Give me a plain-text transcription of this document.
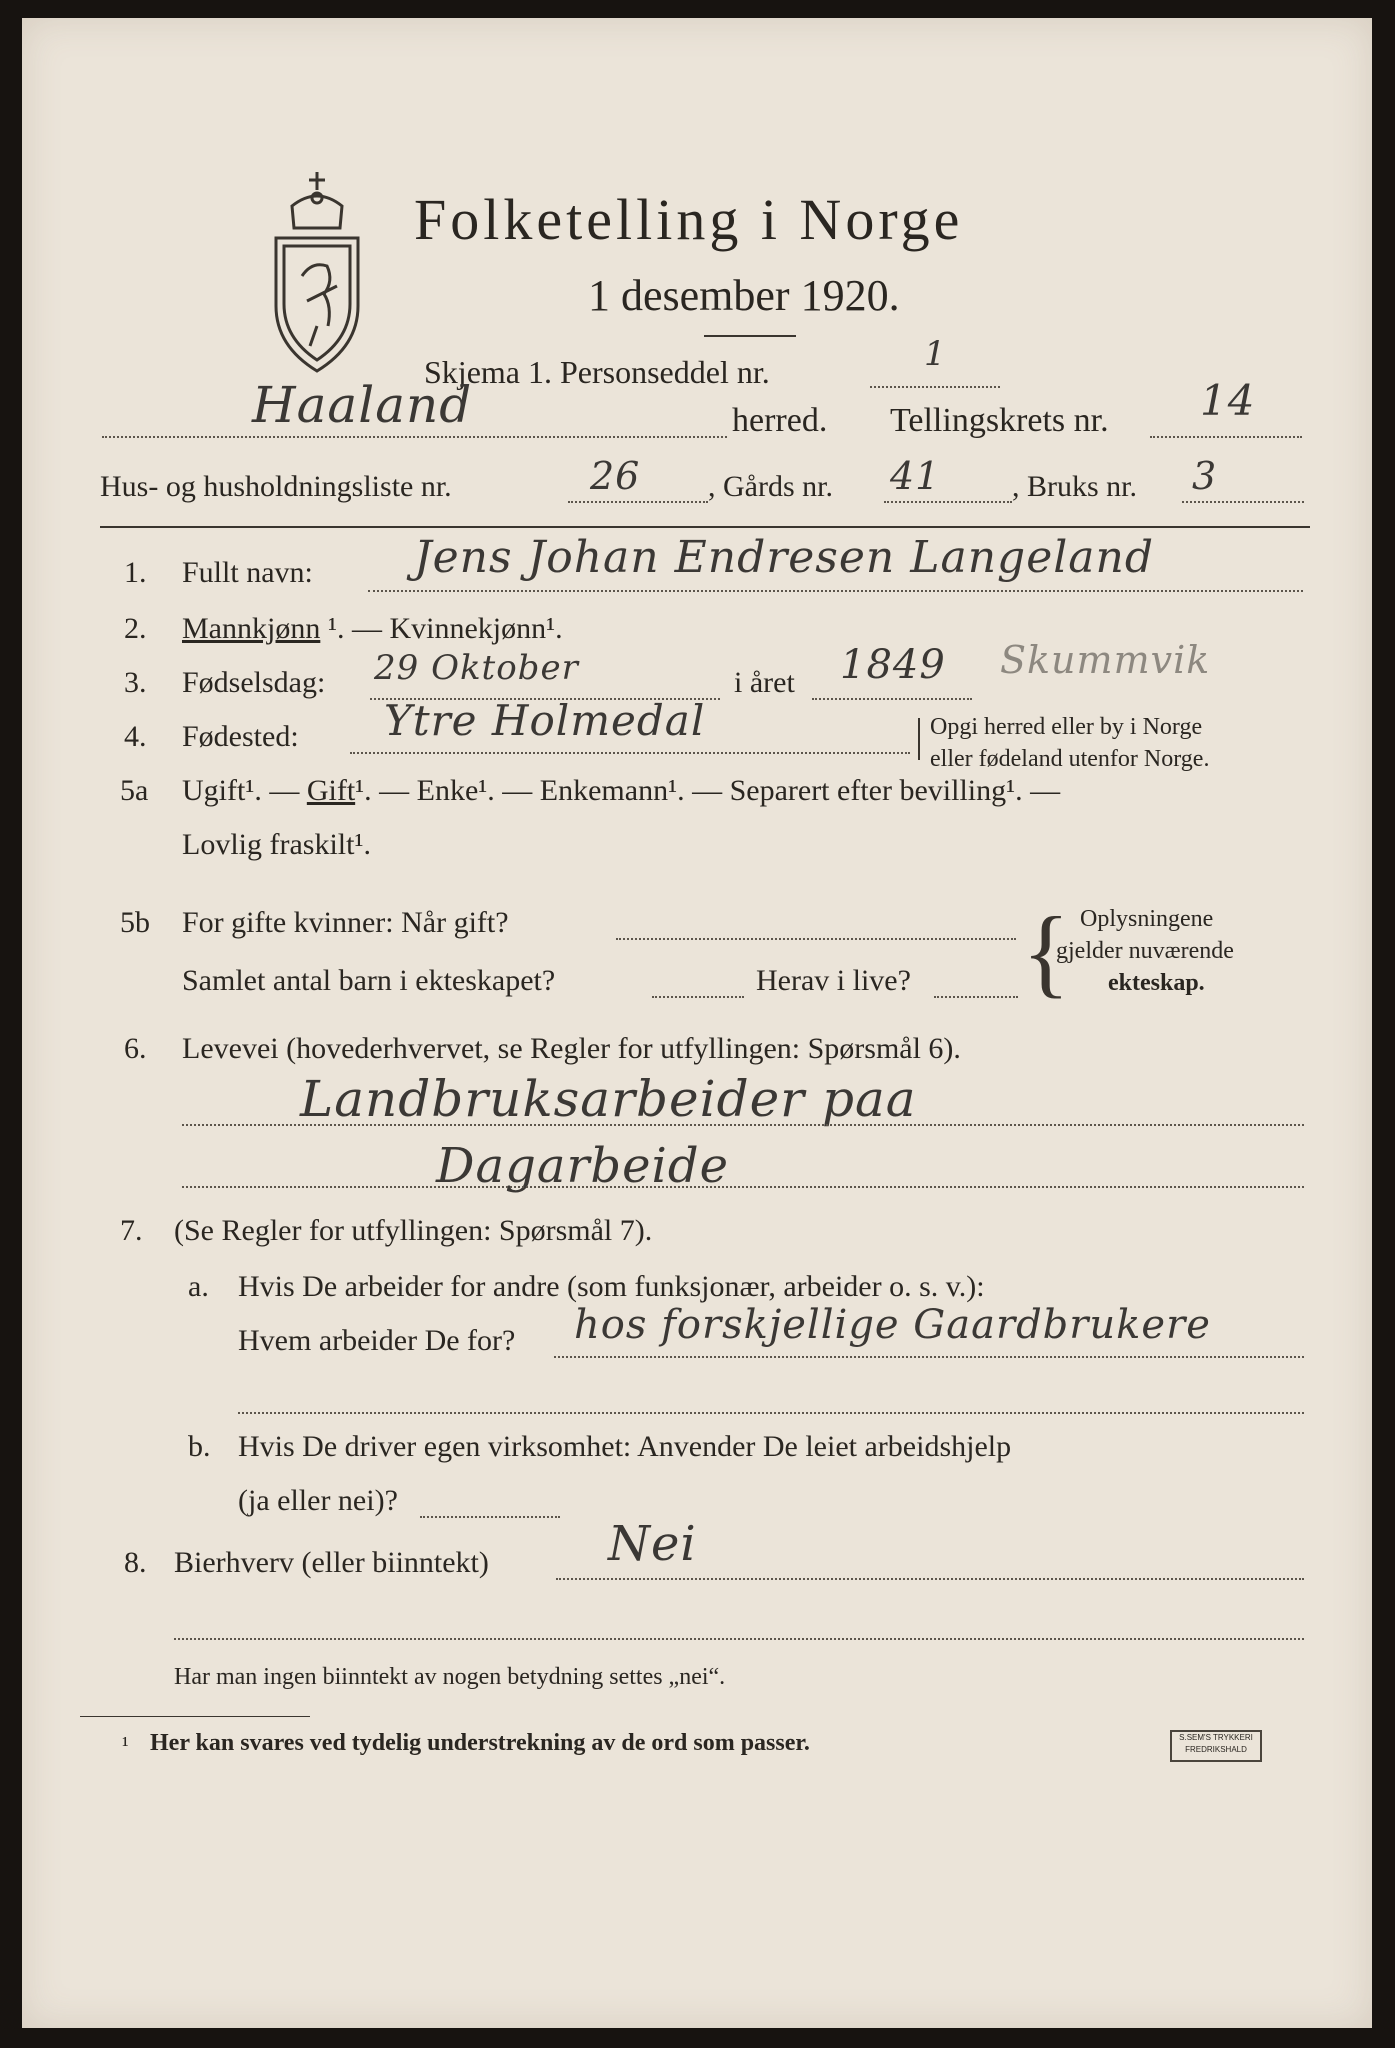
Folketelling i Norge
1 desember 1920.
Skjema 1. Personseddel nr.	1
Haaland	herred. Tellingskrets nr. 14
Hus- og husholdningsliste nr.	26 , Gårds nr. 41 , Bruks nr. 3
1. Fullt navn: Jens Johan Endresen Langeland
2. Mannkjønn ¹. — Kvinnekjønn¹.
3. Fødselsdag: 29 Oktober	i året 1849 Skummvik
4. Fødested: Ytre Holmedal	Opgi herred eller by i Norge
eller fødeland utenfor Norge.
5a Ugift¹. — Gift¹. — Enke¹. — Enkemann¹. — Separert efter bevilling¹. —
Lovlig fraskilt¹.
5b For gifte kvinner: Når gift?
Samlet antal barn i ekteskapet?	Herav i live? { Oplysningene
gjelder nuværende
ekteskap.
6. Levevei (hovederhvervet, se Regler for utfyllingen: Spørsmål 6).
Landbruksarbeider paa
Dagarbeide
7. (Se Regler for utfyllingen: Spørsmål 7).
a. Hvis De arbeider for andre (som funksjonær, arbeider o. s. v.):
Hvem arbeider De for? hos forskjellige Gaardbrukere
b. Hvis De driver egen virksomhet: Anvender De leiet arbeidshjelp
(ja eller nei)?
8. Bierhverv (eller biinntekt) Nei
Har man ingen biinntekt av nogen betydning settes „nei“.
¹ Her kan svares ved tydelig understrekning av de ord som passer.	S.SEM'S TRYKKERI
FREDRIKSHALD
